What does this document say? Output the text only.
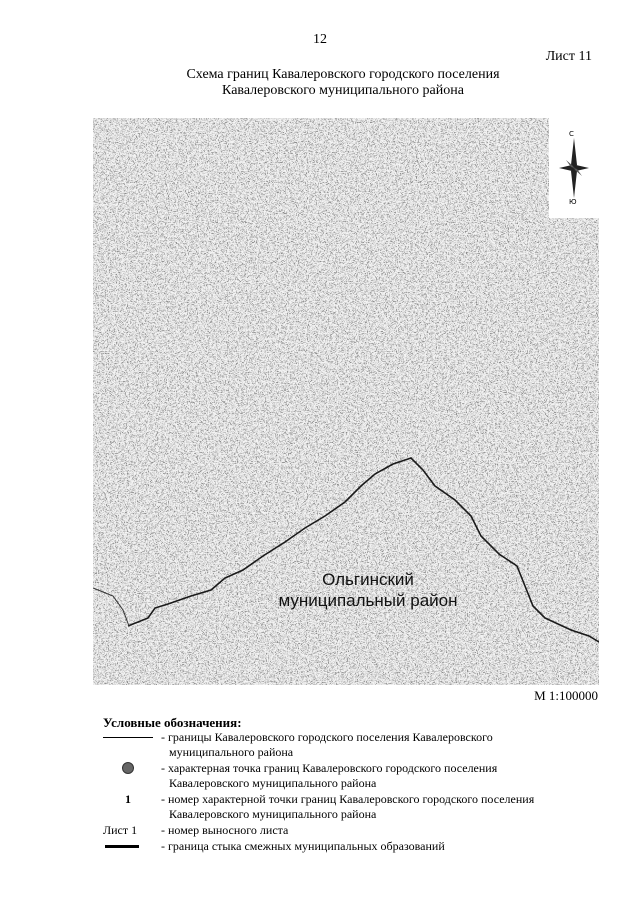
12
Лист 11
Схема границ Кавалеровского городского поселения
Кавалеровского муниципального района
С
Ю
Ольгинский
муниципальный район
М 1:100000
Условные обозначения:
- границы Кавалеровского городского поселения Кавалеровского
муниципального района
- характерная точка границ Кавалеровского городского поселения
Кавалеровского муниципального района
1	- номер характерной точки границ Кавалеровского городского поселения
Кавалеровского муниципального района
Лист 1 - номер выносного листа
- граница стыка смежных муниципальных образований
